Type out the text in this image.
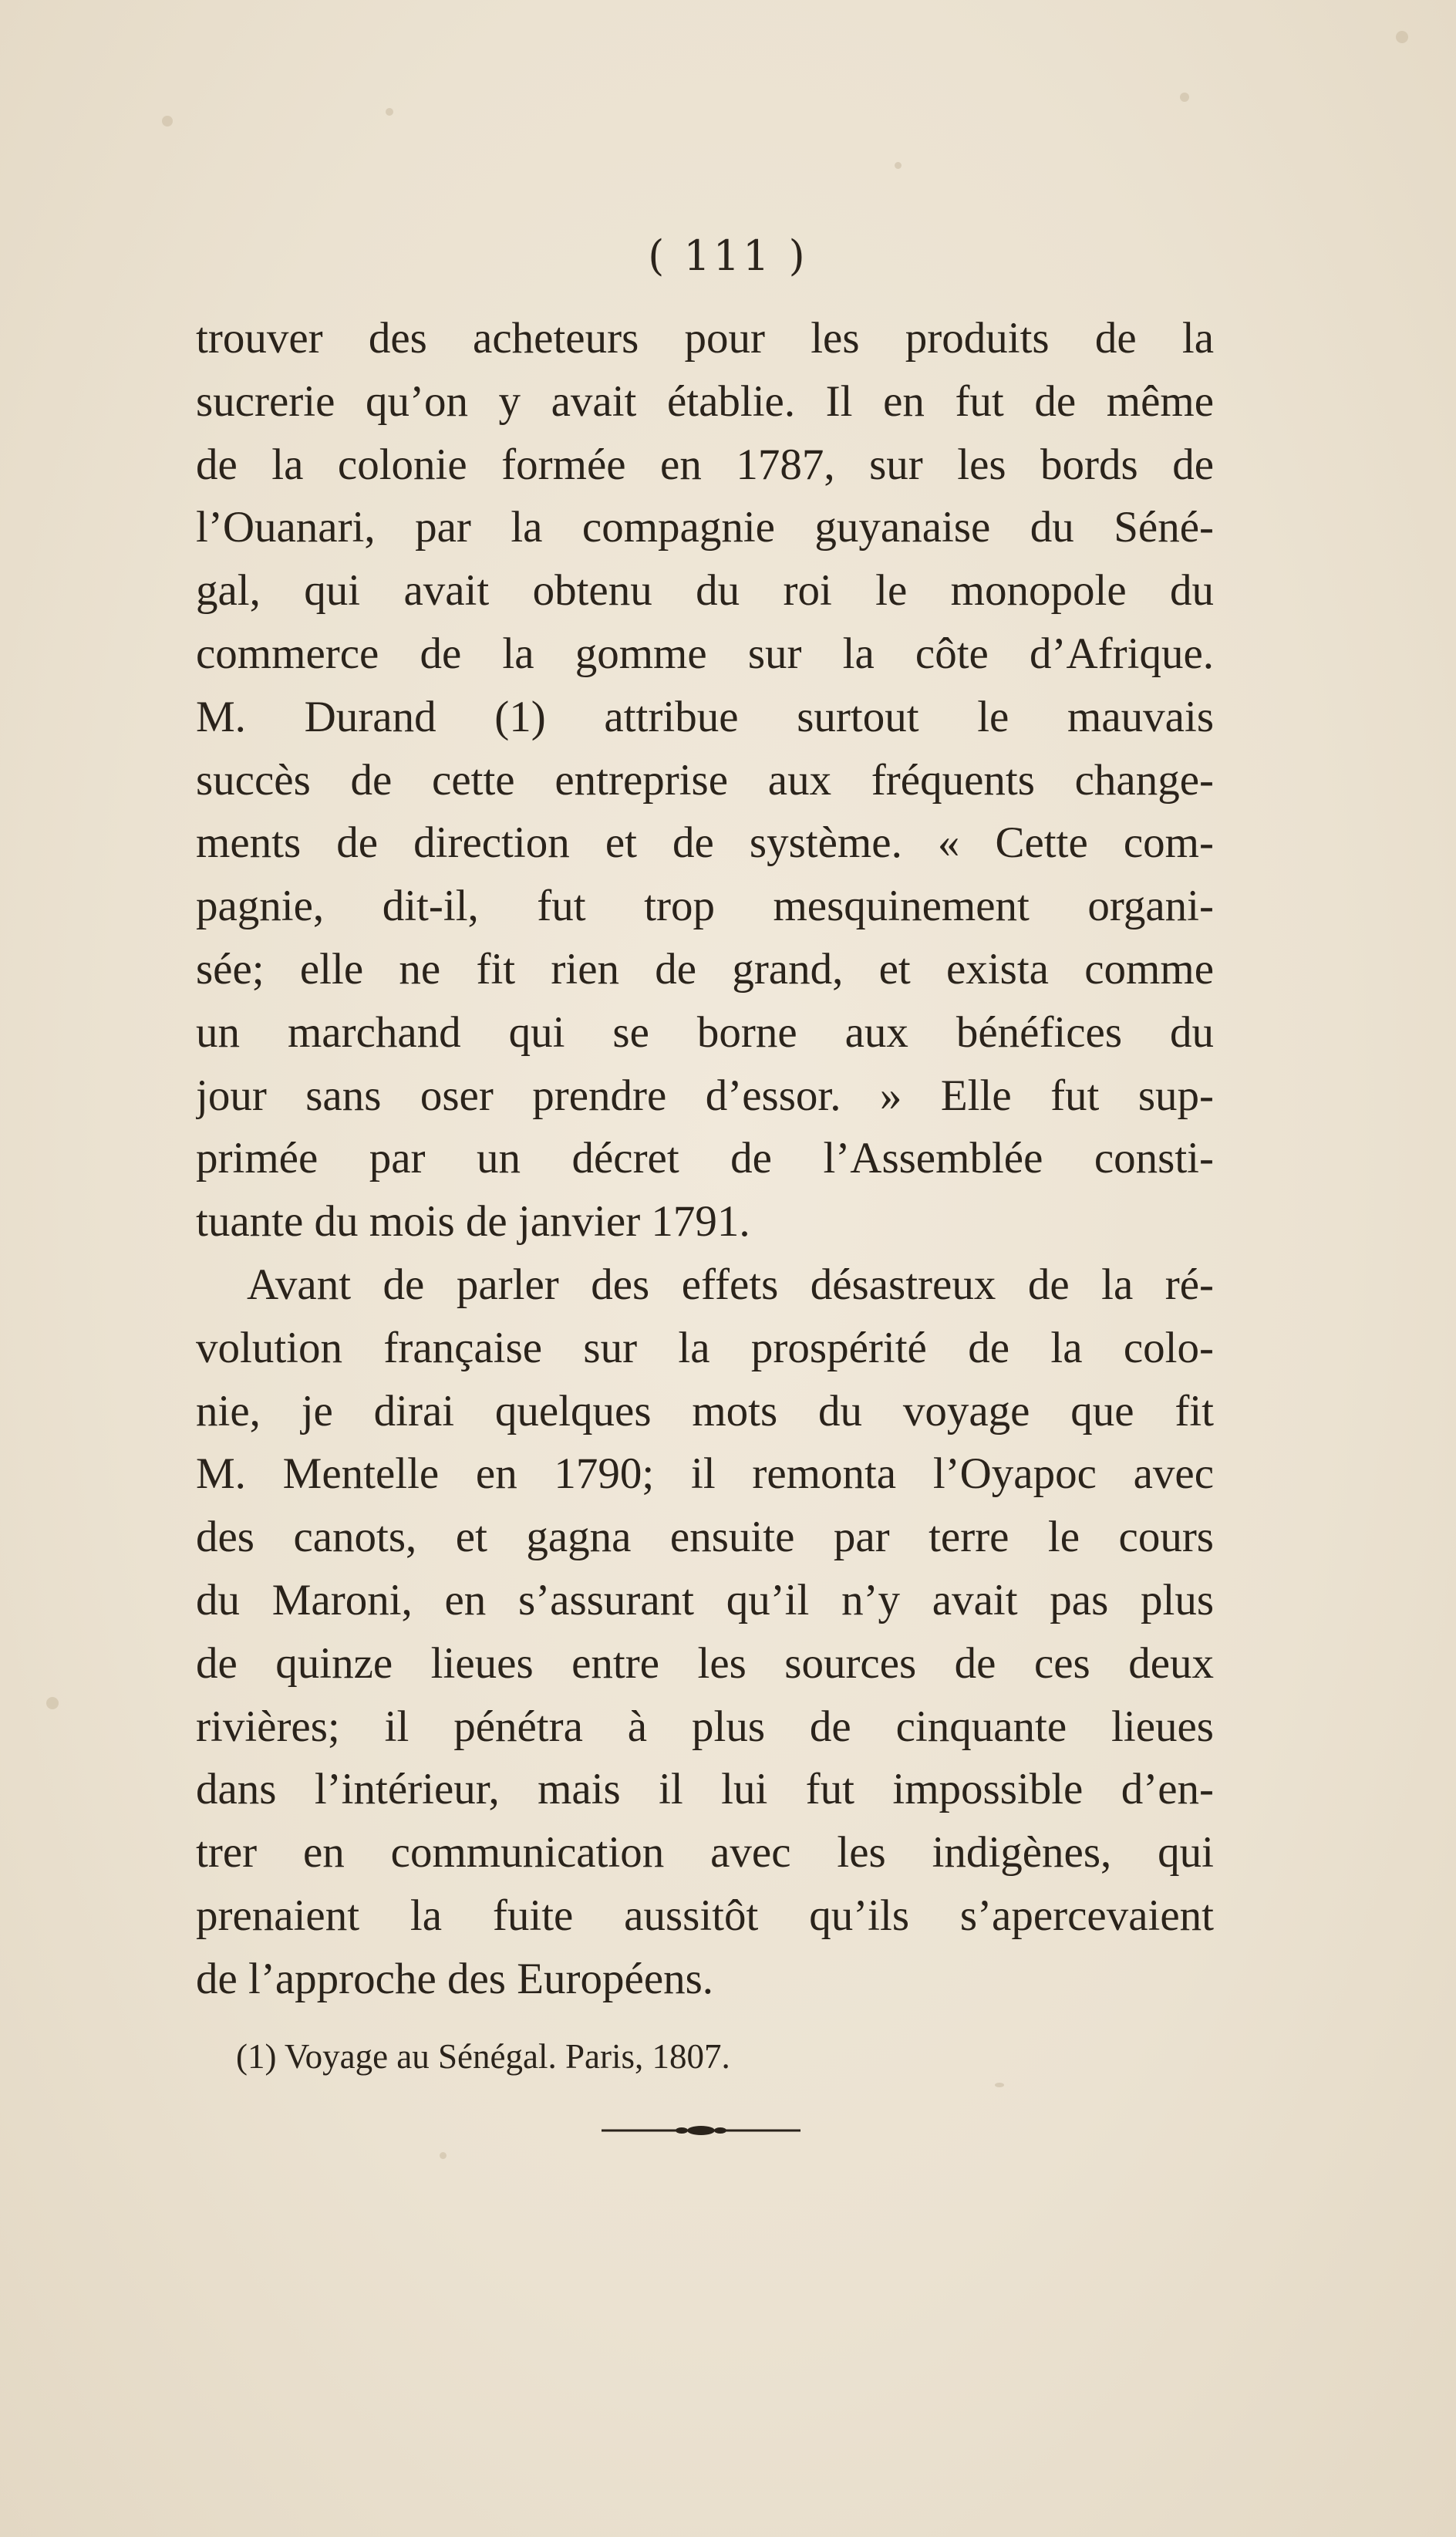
( 111 )
trouver des acheteurs pour les produits de la
sucrerie qu’on y avait établie. Il en fut de même
de la colonie formée en 1787, sur les bords de
l’Ouanari, par la compagnie guyanaise du Séné-
gal, qui avait obtenu du roi le monopole du
commerce de la gomme sur la côte d’Afrique.
M. Durand (1) attribue surtout le mauvais
succès de cette entreprise aux fréquents change-
ments de direction et de système. « Cette com-
pagnie, dit-il, fut trop mesquinement organi-
sée; elle ne fit rien de grand, et exista comme
un marchand qui se borne aux bénéfices du
jour sans oser prendre d’essor. » Elle fut sup-
primée par un décret de l’Assemblée consti-
tuante du mois de janvier 1791.
Avant de parler des effets désastreux de la ré-
volution française sur la prospérité de la colo-
nie, je dirai quelques mots du voyage que fit
M. Mentelle en 1790; il remonta l’Oyapoc avec
des canots, et gagna ensuite par terre le cours
du Maroni, en s’assurant qu’il n’y avait pas plus
de quinze lieues entre les sources de ces deux
rivières; il pénétra à plus de cinquante lieues
dans l’intérieur, mais il lui fut impossible d’en-
trer en communication avec les indigènes, qui
prenaient la fuite aussitôt qu’ils s’apercevaient
de l’approche des Européens.
(1) Voyage au Sénégal. Paris, 1807.
